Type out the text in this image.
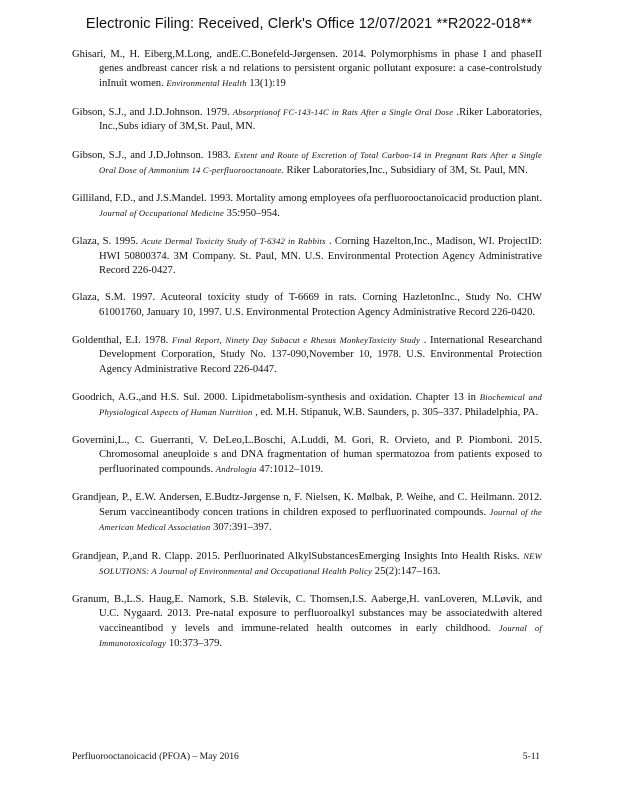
Electronic Filing: Received, Clerk's Office 12/07/2021 **R2022-018**

Ghisari, M., H. Eiberg,M.Long, andE.C.Bonefeld-Jørgensen. 2014. Polymorphisms in phase I and phaseII genes andbreast cancer risk a nd relations to persistent organic pollutant exposure: a case-controlstudy inInuit women. Environmental Health 13(1):19

Gibson, S.J., and J.D.Johnson. 1979. Absorptionof FC-143-14C in Rats After a Single Oral Dose .Riker Laboratories, Inc.,Subs idiary of 3M,St. Paul, MN.

Gibson, S.J., and J.D.Johnson. 1983. Extent and Route of Excretion of Total Carbon-14 in Pregnant Rats After a Single Oral Dose of Ammonium 14 C-perfluorooctanoate. Riker Laboratories,Inc., Subsidiary of 3M, St. Paul, MN.

Gilliland, F.D., and J.S.Mandel. 1993. Mortality among employees ofa perfluorooctanoicacid production plant. Journal of Occupational Medicine 35:950–954.

Glaza, S. 1995. Acute Dermal Toxicity Study of T-6342 in Rabbits . Corning Hazelton,Inc., Madison, WI. ProjectID: HWI 50800374. 3M Company. St. Paul, MN. U.S. Environmental Protection Agency Administrative Record 226-0427.

Glaza, S.M. 1997. Acuteoral toxicity study of T-6669 in rats. Corning HazletonInc., Study No. CHW 61001760, January 10, 1997. U.S. Environmental Protection Agency Administrative Record 226-0420.

Goldenthal, E.I. 1978. Final Report, Ninety Day Subacut e Rhesus MonkeyToxicity Study . International Researchand Development Corporation, Study No. 137-090,November 10, 1978. U.S. Environmental Protection Agency Administrative Record 226-0447.

Goodrich, A.G.,and H.S. Sul. 2000. Lipidmetabolism-synthesis and oxidation. Chapter 13 in Biochemical and Physiological Aspects of Human Nutrition , ed. M.H. Stipanuk, W.B. Saunders, p. 305–337. Philadelphia, PA.

Governini,L., C. Guerranti, V. DeLeo,L.Boschi, A.Luddi, M. Gori, R. Orvieto, and P. Piomboni. 2015. Chromosomal aneuploide s and DNA fragmentation of human spermatozoa from patients exposed to perfluorinated compounds. Andrologia 47:1012–1019.

Grandjean, P., E.W. Andersen, E.Budtz-Jørgense n, F. Nielsen, K. Mølbak, P. Weihe, and C. Heilmann. 2012. Serum vaccineantibody concen trations in children exposed to perfluorinated compounds. Journal of the American Medical Association 307:391–397.

Grandjean, P.,and R. Clapp. 2015. Perfluorinated AlkylSubstancesEmerging Insights Into Health Risks. NEW SOLUTIONS: A Journal of Environmental and Occupational Health Policy 25(2):147–163.

Granum, B.,L.S. Haug,E. Namork, S.B. Stølevik, C. Thomsen,I.S. Aaberge,H. vanLoveren, M.Løvik, and U.C. Nygaard. 2013. Pre-natal exposure to perfluoroalkyl substances may be associatedwith altered vaccineantibod y levels and immune-related health outcomes in early childhood. Journal of Immunotoxicology 10:373–379.

Perfluorooctanoicacid (PFOA) – May 2016	5-11
